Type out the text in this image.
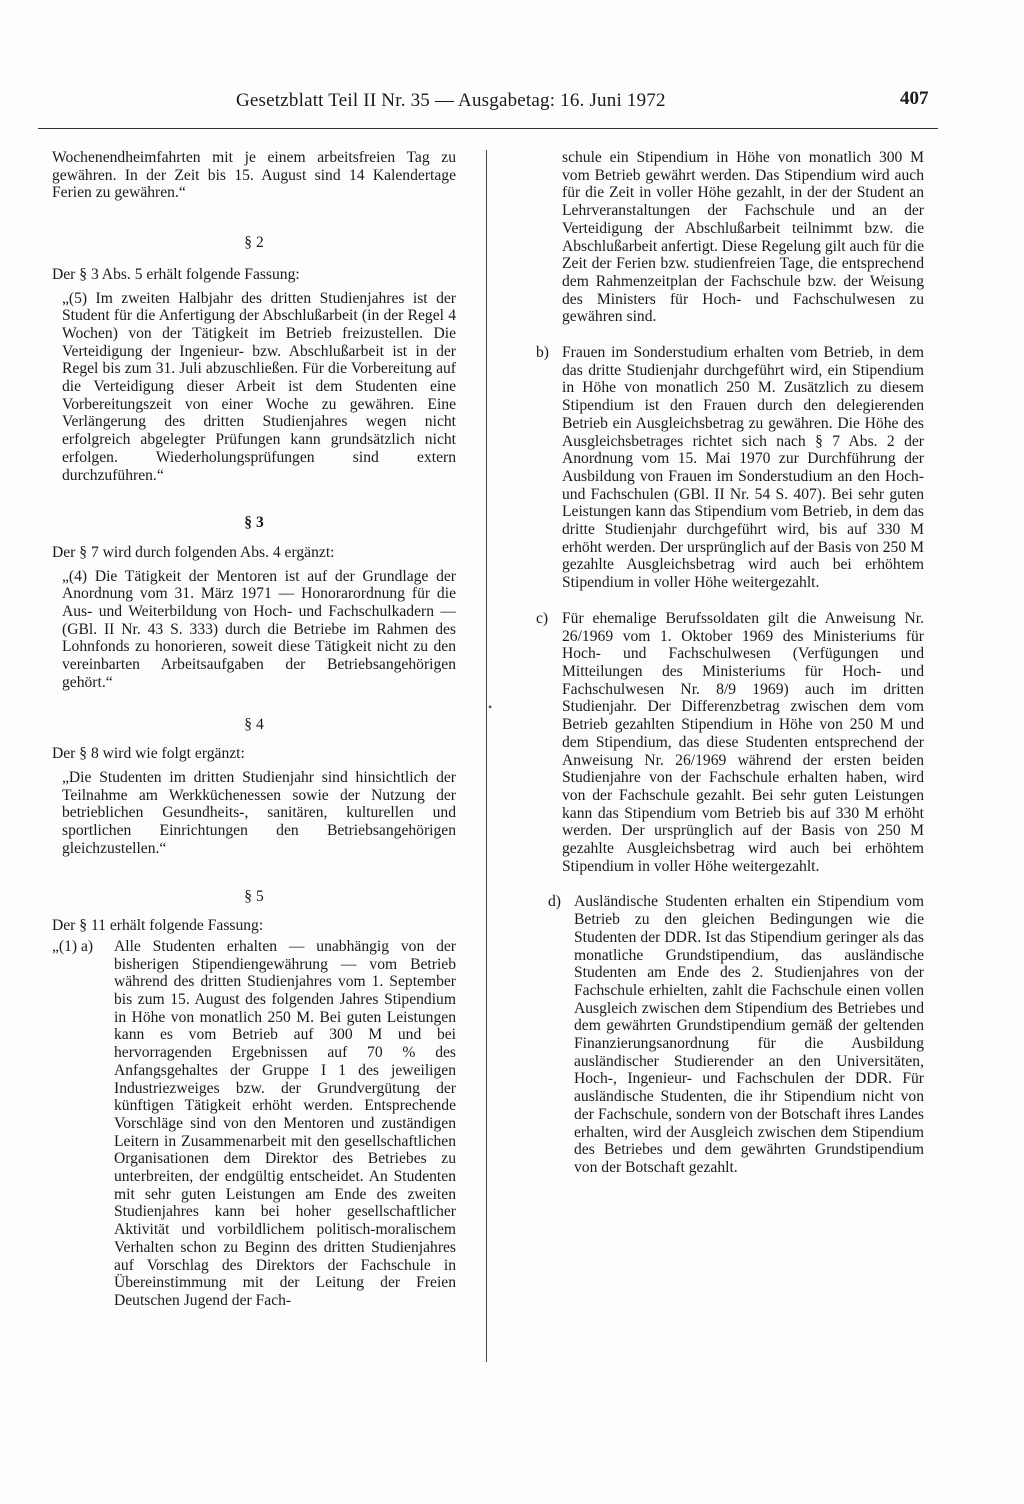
Gesetzblatt Teil II Nr. 35 — Ausgabetag: 16. Juni 1972	407

Wochenendheimfahrten mit je einem arbeitsfreien Tag zu gewähren. In der Zeit bis 15. August sind 14 Kalendertage Ferien zu gewähren.“

§ 2

Der § 3 Abs. 5 erhält folgende Fassung:

„(5) Im zweiten Halbjahr des dritten Studienjahres ist der Student für die Anfertigung der Abschlußarbeit (in der Regel 4 Wochen) von der Tätigkeit im Betrieb freizustellen. Die Verteidigung der Ingenieur- bzw. Abschlußarbeit ist in der Regel bis zum 31. Juli abzuschließen. Für die Vorbereitung auf die Verteidigung dieser Arbeit ist dem Studenten eine Vorbereitungszeit von einer Woche zu gewähren. Eine Verlängerung des dritten Studienjahres wegen nicht erfolgreich abgelegter Prüfungen kann grundsätzlich nicht erfolgen. Wiederholungsprüfungen sind extern durchzuführen.“

§ 3

Der § 7 wird durch folgenden Abs. 4 ergänzt:

„(4) Die Tätigkeit der Mentoren ist auf der Grundlage der Anordnung vom 31. März 1971 — Honorarordnung für die Aus- und Weiterbildung von Hoch- und Fachschulkadern — (GBl. II Nr. 43 S. 333) durch die Betriebe im Rahmen des Lohnfonds zu honorieren, soweit diese Tätigkeit nicht zu den vereinbarten Arbeitsaufgaben der Betriebsangehörigen gehört.“

§ 4

Der § 8 wird wie folgt ergänzt:

„Die Studenten im dritten Studienjahr sind hinsichtlich der Teilnahme am Werkküchenessen sowie der Nutzung der betrieblichen Gesundheits-, sanitären, kulturellen und sportlichen Einrichtungen den Betriebsangehörigen gleichzustellen.“

§ 5

Der § 11 erhält folgende Fassung:

„(1) a)	Alle Studenten erhalten — unabhängig von der bisherigen Stipendiengewährung — vom Betrieb während des dritten Studienjahres vom 1. September bis zum 15. August des folgenden Jahres Stipendium in Höhe von monatlich 250 M. Bei guten Leistungen kann es vom Betrieb auf 300 M und bei hervorragenden Ergebnissen auf 70 % des Anfangsgehaltes der Gruppe I 1 des jeweiligen Industriezweiges bzw. der Grundvergütung der künftigen Tätigkeit erhöht werden. Entsprechende Vorschläge sind von den Mentoren und zuständigen Leitern in Zusammenarbeit mit den gesellschaftlichen Organisationen dem Direktor des Betriebes zu unterbreiten, der endgültig entscheidet. An Studenten mit sehr guten Leistungen am Ende des zweiten Studienjahres kann bei hoher gesellschaftlicher Aktivität und vorbildlichem politisch-moralischem Verhalten schon zu Beginn des dritten Studienjahres auf Vorschlag des Direktors der Fachschule in Übereinstimmung mit der Leitung der Freien Deutschen Jugend der Fach-

schule ein Stipendium in Höhe von monatlich 300 M vom Betrieb gewährt werden. Das Stipendium wird auch für die Zeit in voller Höhe gezahlt, in der der Student an Lehrveranstaltungen der Fachschule und an der Verteidigung der Abschlußarbeit teilnimmt bzw. die Abschlußarbeit anfertigt. Diese Regelung gilt auch für die Zeit der Ferien bzw. studienfreien Tage, die entsprechend dem Rahmenzeitplan der Fachschule bzw. der Weisung des Ministers für Hoch- und Fachschulwesen zu gewähren sind.

b) Frauen im Sonderstudium erhalten vom Betrieb, in dem das dritte Studienjahr durchgeführt wird, ein Stipendium in Höhe von monatlich 250 M. Zusätzlich zu diesem Stipendium ist den Frauen durch den delegierenden Betrieb ein Ausgleichsbetrag zu gewähren. Die Höhe des Ausgleichsbetrages richtet sich nach § 7 Abs. 2 der Anordnung vom 15. Mai 1970 zur Durchführung der Ausbildung von Frauen im Sonderstudium an den Hoch- und Fachschulen (GBl. II Nr. 54 S. 407). Bei sehr guten Leistungen kann das Stipendium vom Betrieb, in dem das dritte Studienjahr durchgeführt wird, bis auf 330 M erhöht werden. Der ursprünglich auf der Basis von 250 M gezahlte Ausgleichsbetrag wird auch bei erhöhtem Stipendium in voller Höhe weitergezahlt.
c) Für ehemalige Berufssoldaten gilt die Anweisung Nr. 26/1969 vom 1. Oktober 1969 des Ministeriums für Hoch- und Fachschulwesen (Verfügungen und Mitteilungen des Ministeriums für Hoch- und Fachschulwesen Nr. 8/9 1969) auch im dritten Studienjahr. Der Differenzbetrag zwischen dem vom Betrieb gezahlten Stipendium in Höhe von 250 M und dem Stipendium, das diese Studenten entsprechend der Anweisung Nr. 26/1969 während der ersten beiden Studienjahre von der Fachschule erhalten haben, wird von der Fachschule gezahlt. Bei sehr guten Leistungen kann das Stipendium vom Betrieb bis auf 330 M erhöht werden. Der ursprünglich auf der Basis von 250 M gezahlte Ausgleichsbetrag wird auch bei erhöhtem Stipendium in voller Höhe weitergezahlt.
d) Ausländische Studenten erhalten ein Stipendium vom Betrieb zu den gleichen Bedingungen wie die Studenten der DDR. Ist das Stipendium geringer als das monatliche Grundstipendium, das ausländische Studenten am Ende des 2. Studienjahres von der Fachschule erhielten, zahlt die Fachschule einen vollen Ausgleich zwischen dem Stipendium des Betriebes und dem gewährten Grundstipendium gemäß der geltenden Finanzierungsanordnung für die Ausbildung ausländischer Studierender an den Universitäten, Hoch-, Ingenieur- und Fachschulen der DDR. Für ausländische Studenten, die ihr Stipendium nicht von der Fachschule, sondern von der Botschaft ihres Landes erhalten, wird der Ausgleich zwischen dem Stipendium des Betriebes und dem gewährten Grundstipendium von der Botschaft gezahlt.
•
